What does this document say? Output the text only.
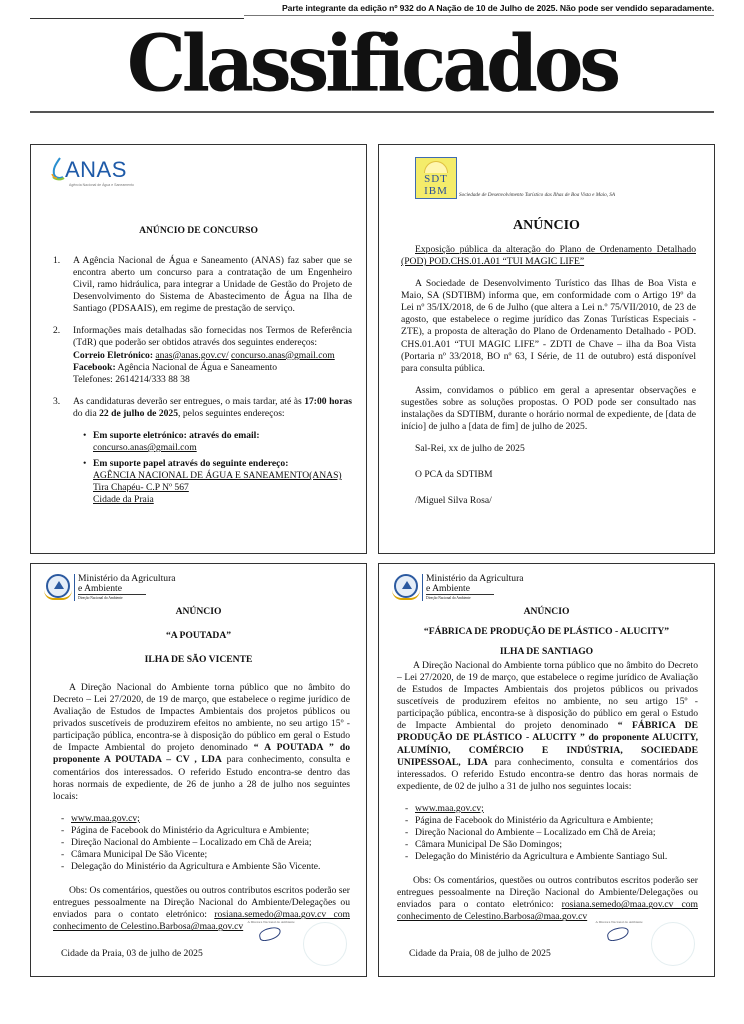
Parte integrante da edição nº 932 do A Nação de 10 de Julho de 2025. Não pode ser vendido separadamente.
Classificados
ANAS
Agência Nacional de Água e Saneamento
ANÚNCIO DE CONCURSO
1.	A Agência Nacional de Água e Saneamento (ANAS) faz saber que se encontra aberto um concurso para a contratação de um Engenheiro Civil, ramo hidráulica, para integrar a Unidade de Gestão do Projeto de Desenvolvimento do Sistema de Abastecimento de Água na Ilha de Santiago (PDSAAIS), em regime de prestação de serviço.
2.	Informações mais detalhadas são fornecidas nos Termos de Referência (TdR) que poderão ser obtidos através dos seguintes endereços:
Correio Eletrónico: anas@anas.gov.cv/ concurso.anas@gmail.com
Facebook: Agência Nacional de Água e Saneamento
Telefones: 2614214/333 88 38
3.	As candidaturas deverão ser entregues, o mais tardar, até às 17:00 horas do dia 22 de julho de 2025, pelos seguintes endereços:
• Em suporte eletrónico: através do email:
concurso.anas@gmail.com
• Em suporte papel através do seguinte endereço:
AGÊNCIA NACIONAL DE ÁGUA E SANEAMENTO(ANAS)
Tira Chapéu- C.P Nº 567
Cidade da Praia
SDT
IBM	Sociedade de Desenvolvimento Turístico das Ilhas de Boa Vista e Maio, SA
ANÚNCIO

Exposição pública da alteração do Plano de Ordenamento Detalhado (POD) POD.CHS.01.A01 “TUI MAGIC LIFE”

A Sociedade de Desenvolvimento Turístico das Ilhas de Boa Vista e Maio, SA (SDTIBM) informa que, em conformidade com o Artigo 19º da Lei nº 35/IX/2018, de 6 de Julho (que altera a Lei n.º 75/VII/2010, de 23 de agosto, que estabelece o regime jurídico das Zonas Turísticas Especiais - ZTE), a proposta de alteração do Plano de Ordenamento Detalhado - POD. CHS.01.A01 “TUI MAGIC LIFE” - ZDTI de Chave – ilha da Boa Vista (Portaria nº 33/2018, BO nº 63, I Série, de 11 de outubro) está disponível para consulta pública.

Assim, convidamos o público em geral a apresentar observações e sugestões sobre as soluções propostas. O POD pode ser consultado nas instalações da SDTIBM, durante o horário normal de expediente, de [data de início] de julho a [data de fim] de julho de 2025.

Sal-Rei, xx de julho de 2025
O PCA da SDTIBM
/Miguel Silva Rosa/
Ministério da Agricultura
e Ambiente
Direção Nacional do Ambiente
ANÚNCIO
“A POUTADA”
ILHA DE SÃO VICENTE
A Direção Nacional do Ambiente torna público que no âmbito do Decreto – Lei 27/2020, de 19 de março, que estabelece o regime jurídico de Avaliação de Estudos de Impactes Ambientais dos projetos públicos ou privados suscetíveis de produzirem efeitos no ambiente, no seu artigo 15º - participação pública, encontra-se à disposição do público em geral o Estudo de Impacte Ambiental do projeto denominado “ A POUTADA ” do proponente A POUTADA – CV , LDA para conhecimento, consulta e comentários dos interessados. O referido Estudo encontra-se dentro das horas normais de expediente, de 26 de junho a 28 de julho nos seguintes locais:
- www.maa.gov.cv;
- Página de Facebook do Ministério da Agricultura e Ambiente;
- Direção Nacional do Ambiente – Localizado em Chã de Areia;
- Câmara Municipal De São Vicente;
- Delegação do Ministério da Agricultura e Ambiente São Vicente.
Obs: Os comentários, questões ou outros contributos escritos poderão ser entregues pessoalmente na Direção Nacional do Ambiente/Delegações ou enviados para o contato eletrónico: rosiana.semedo@maa.gov.cv com conhecimento de Celestino.Barbosa@maa.gov.cv
Cidade da Praia, 03 de julho de 2025
A Diretora Nacional do Ambiente
Ministério da Agricultura
e Ambiente
Direção Nacional do Ambiente
ANÚNCIO
“FÁBRICA DE PRODUÇÃO DE PLÁSTICO - ALUCITY”
ILHA DE SANTIAGO
A Direção Nacional do Ambiente torna público que no âmbito do Decreto – Lei 27/2020, de 19 de março, que estabelece o regime jurídico de Avaliação de Estudos de Impactes Ambientais dos projetos públicos ou privados suscetíveis de produzirem efeitos no ambiente, no seu artigo 15º - participação pública, encontra-se à disposição do público em geral o Estudo de Impacte Ambiental do projeto denominado “ FÁBRICA DE PRODUÇÃO DE PLÁSTICO - ALUCITY ” do proponente ALUCITY, ALUMÍNIO, COMÉRCIO E INDÚSTRIA, SOCIEDADE UNIPESSOAL, LDA para conhecimento, consulta e comentários dos interessados. O referido Estudo encontra-se dentro das horas normais de expediente, de 02 de julho a 31 de julho nos seguintes locais:
- www.maa.gov.cv;
- Página de Facebook do Ministério da Agricultura e Ambiente;
- Direção Nacional do Ambiente – Localizado em Chã de Areia;
- Câmara Municipal De São Domingos;
- Delegação do Ministério da Agricultura e Ambiente Santiago Sul.
Obs: Os comentários, questões ou outros contributos escritos poderão ser entregues pessoalmente na Direção Nacional do Ambiente/Delegações ou enviados para o contato eletrónico: rosiana.semedo@maa.gov.cv com conhecimento de Celestino.Barbosa@maa.gov.cv
Cidade da Praia, 08 de julho de 2025
A Diretora Nacional do Ambiente
